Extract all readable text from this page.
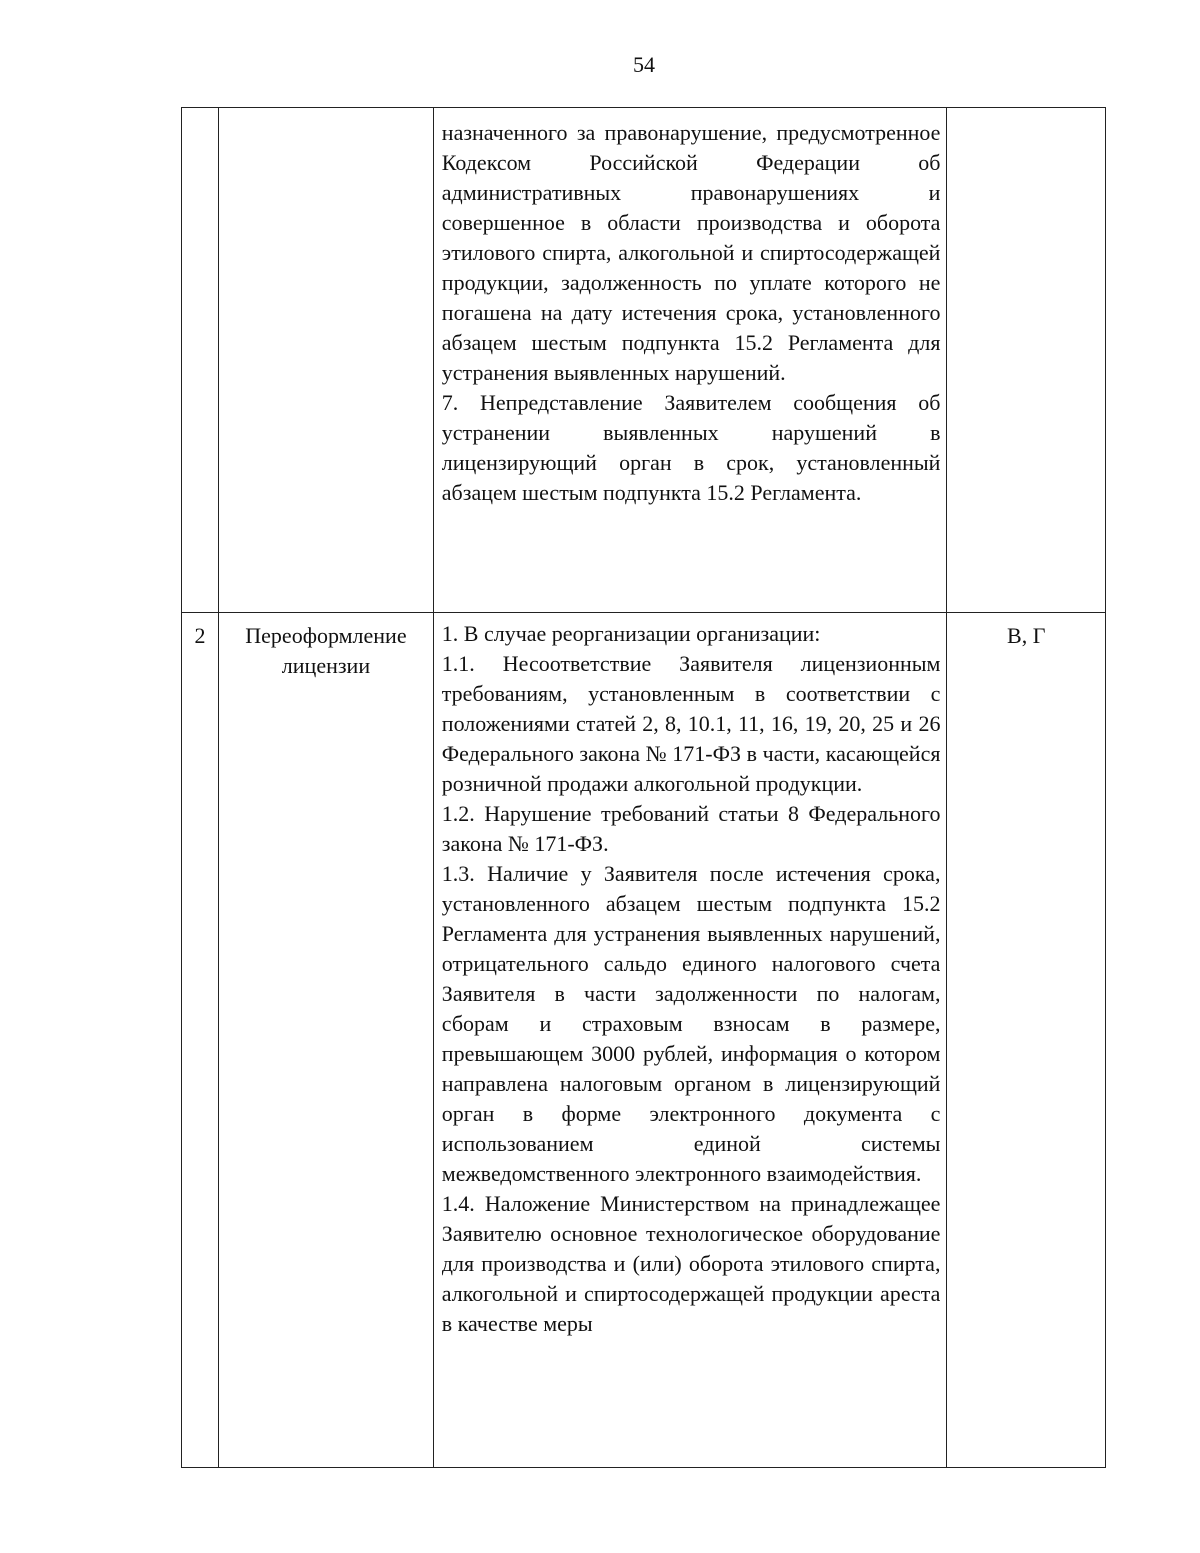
54

		назначенного за правонарушение, предусмотренное Кодексом Российской Федерации об административных правонарушениях и совершенное в области производства и оборота этилового спирта, алкогольной и спиртосодержащей продукции, задолженность по уплате которого не погашена на дату истечения срока, установленного абзацем шестым подпункта 15.2 Регламента для устранения выявленных нарушений.

7. Непредставление Заявителем сообщения об устранении выявленных нарушений в лицензирующий орган в срок, установленный абзацем шестым подпункта 15.2 Регламента.	

2	Переоформление лицензии	1. В случае реорганизации организации:

1.1. Несоответствие Заявителя лицензионным требованиям, установленным в соответствии с положениями статей 2, 8, 10.1, 11, 16, 19, 20, 25 и 26 Федерального закона № 171-ФЗ в части, касающейся розничной продажи алкогольной продукции.

1.2. Нарушение требований статьи 8 Федерального закона № 171-ФЗ.

1.3. Наличие у Заявителя после истечения срока, установленного абзацем шестым подпункта 15.2 Регламента для устранения выявленных нарушений, отрицательного сальдо единого налогового счета Заявителя в части задолженности по налогам, сборам и страховым взносам в размере, превышающем 3000 рублей, информация о котором направлена налоговым органом в лицензирующий орган в форме электронного документа с использованием единой системы межведомственного электронного взаимодействия.

1.4. Наложение Министерством на принадлежащее Заявителю основное технологическое оборудование для производства и (или) оборота этилового спирта, алкогольной и спиртосодержащей продукции ареста в качестве меры	В, Г
